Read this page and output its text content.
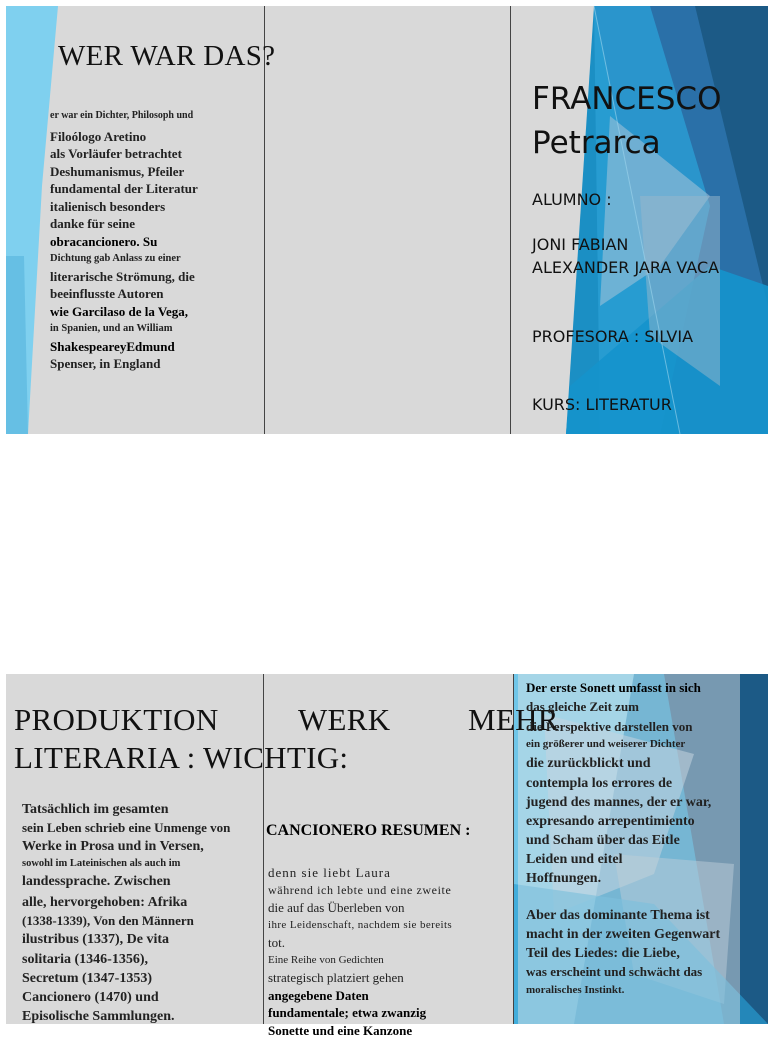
WER WAR DAS?

er war ein Dichter, Philosoph und

Filoólogo Aretino

als Vorläufer betrachtet

Deshumanismus, Pfeiler

fundamental der Literatur

italienisch besonders

danke für seine

obracancionero. Su

Dichtung gab Anlass zu einer

literarische Strömung, die

beeinflusste Autoren

wie Garcilaso de la Vega,

in Spanien, und an William

ShakespeareyEdmund

Spenser, in England

FRANCESCO
Petrarca
ALUMNO :
JONI FABIAN
ALEXANDER JARA VACA
PROFESORA : SILVIA
KURS: LITERATUR
PRODUKTION	WERK	MEHR
LITERARIA : WICHTIG:

Tatsächlich im gesamten

sein Leben schrieb eine Unmenge von

Werke in Prosa und in Versen,

sowohl im Lateinischen als auch im

landessprache. Zwischen

alle, hervorgehoben: Afrika

(1338-1339), Von den Männern

ilustribus (1337), De vita

solitaria (1346-1356),

Secretum (1347-1353)

Cancionero (1470) und

Episolische Sammlungen.

CANCIONERO RESUMEN :

denn sie liebt Laura

während ich lebte und eine zweite

die auf das Überleben von

ihre Leidenschaft, nachdem sie bereits

tot.

Eine Reihe von Gedichten

strategisch platziert gehen

angegebene Daten

fundamentale; etwa zwanzig

Sonette und eine Kanzone

Der erste Sonett umfasst in sich

das gleiche Zeit zum

die Perspektive darstellen von

ein größerer und weiserer Dichter

die zurückblickt und

contempla los errores de

jugend des mannes, der er war,

expresando arrepentimiento

und Scham über das Eitle

Leiden und eitel

Hoffnungen.

Aber das dominante Thema ist

macht in der zweiten Gegenwart

Teil des Liedes: die Liebe,

was erscheint und schwächt das

moralisches Instinkt.
